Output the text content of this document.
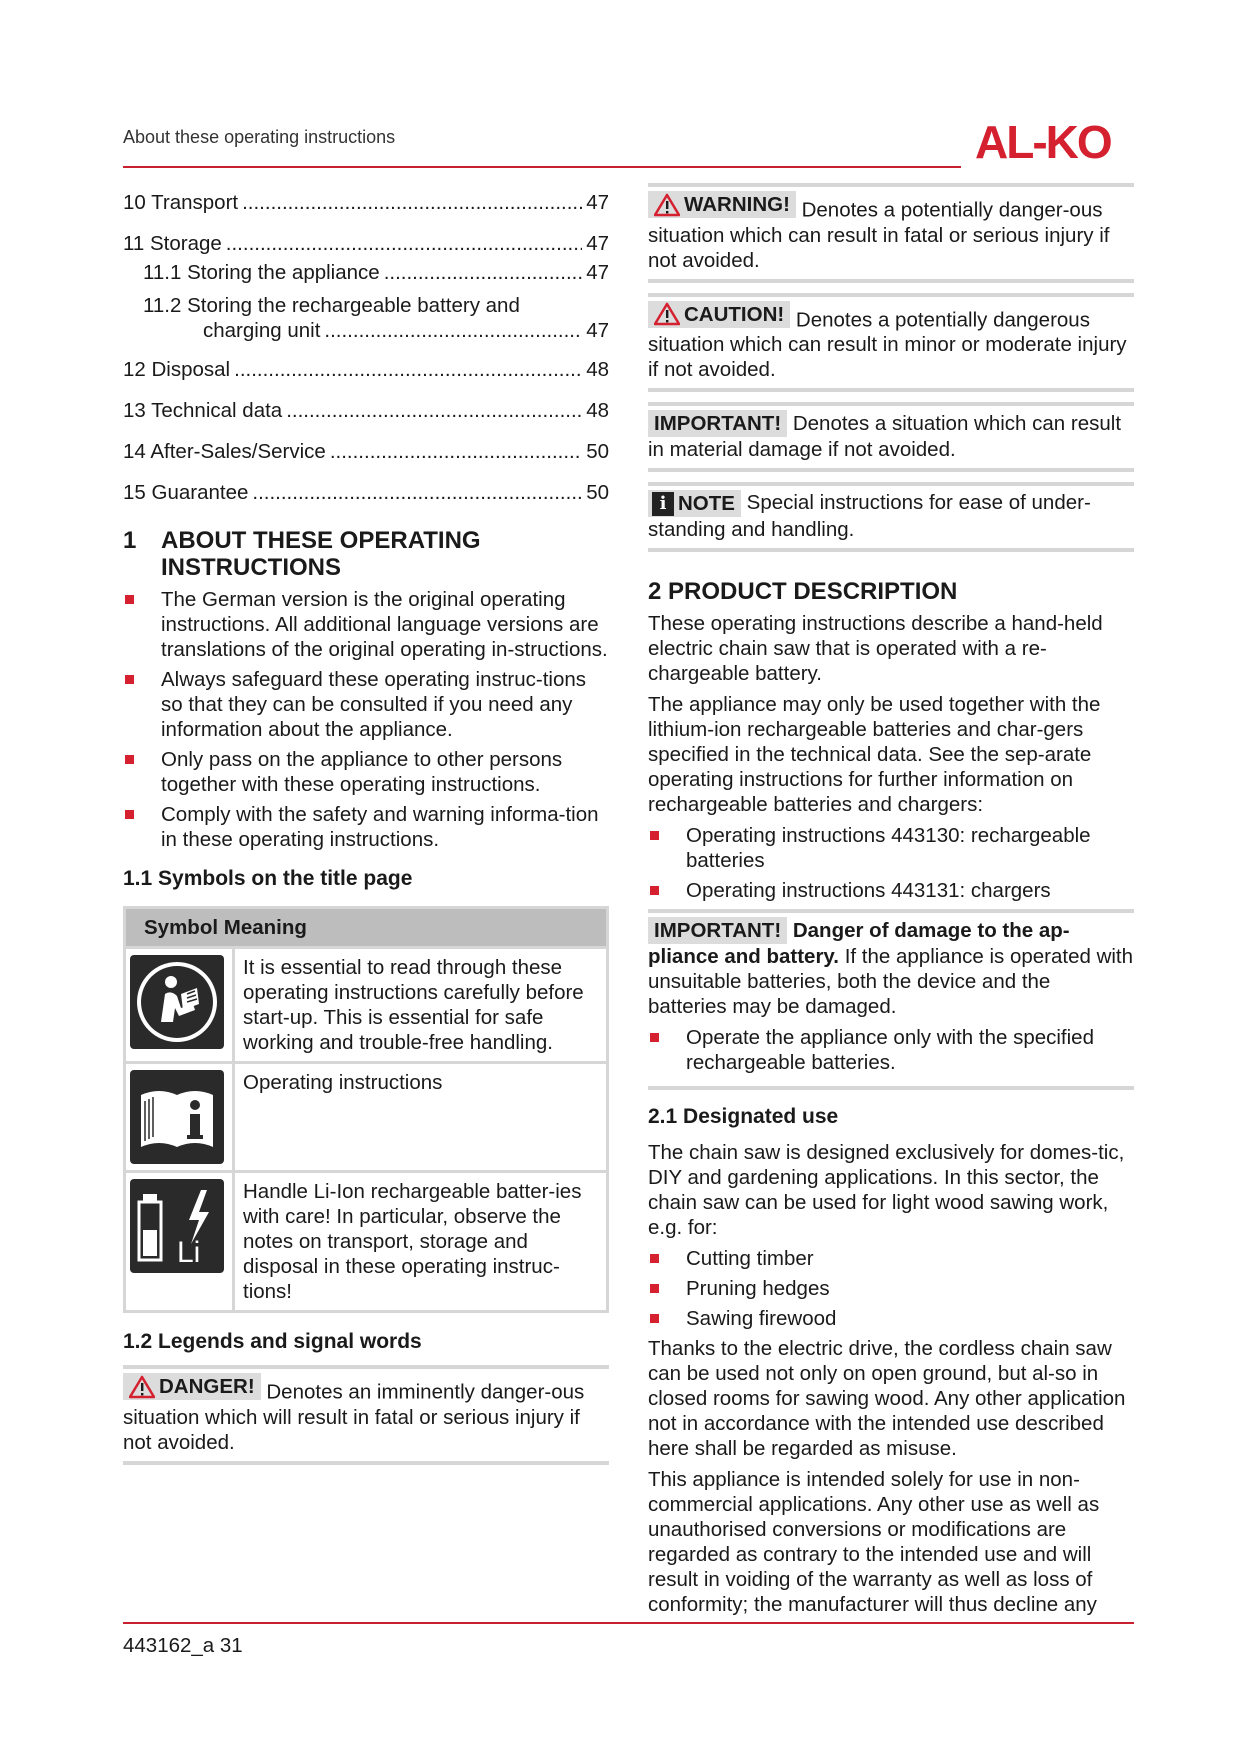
About these operating instructions	AL-KO
10 Transport .....	47
11 Storage .....	47
11.1 Storing the appliance .....	47
11.2 Storing the rechargeable battery and
charging unit .....	47
12 Disposal .....	48
13 Technical data .....	48
14 After-Sales/Service .....	50
15 Guarantee .....	50
1 ABOUT THESE OPERATING
INSTRUCTIONS
The German version is the original operating instructions. All additional language versions are translations of the original operating in-structions.
Always safeguard these operating instruc-tions so that they can be consulted if you need any information about the appliance.
Only pass on the appliance to other persons together with these operating instructions.
Comply with the safety and warning informa-tion in these operating instructions.
1.1 Symbols on the title page
Symbol Meaning	

	It is essential to read through these operating instructions carefully before start-up. This is essential for safe working and trouble-free handling.

	Operating instructions

Li	Handle Li-Ion rechargeable batter-ies with care! In particular, observe the notes on transport, storage and disposal in these operating instruc-tions!
1.2 Legends and signal words
DANGER! Denotes an imminently danger-ous situation which will result in fatal or serious injury if not avoided.
WARNING! Denotes a potentially danger-ous situation which can result in fatal or serious injury if not avoided.
CAUTION! Denotes a potentially dangerous situation which can result in minor or moderate injury if not avoided.
IMPORTANT! Denotes a situation which can result in material damage if not avoided.
i NOTE Special instructions for ease of under-standing and handling.
2 PRODUCT DESCRIPTION

These operating instructions describe a hand-held electric chain saw that is operated with a re-chargeable battery.

The appliance may only be used together with the lithium-ion rechargeable batteries and char-gers specified in the technical data. See the sep-arate operating instructions for further information on rechargeable batteries and chargers:

Operating instructions 443130: rechargeable batteries
Operating instructions 443131: chargers
IMPORTANT! Danger of damage to the ap-pliance and battery. If the appliance is operated with unsuitable batteries, both the device and the batteries may be damaged.
Operate the appliance only with the specified rechargeable batteries.
2.1 Designated use

The chain saw is designed exclusively for domes-tic, DIY and gardening applications. In this sector, the chain saw can be used for light wood sawing work, e.g. for:

Cutting timber
Pruning hedges
Sawing firewood

Thanks to the electric drive, the cordless chain saw can be used not only on open ground, but al-so in closed rooms for sawing wood. Any other application not in accordance with the intended use described here shall be regarded as misuse.

This appliance is intended solely for use in non-commercial applications. Any other use as well as unauthorised conversions or modifications are regarded as contrary to the intended use and will result in voiding of the warranty as well as loss of conformity; the manufacturer will thus decline any

443162_a 31
